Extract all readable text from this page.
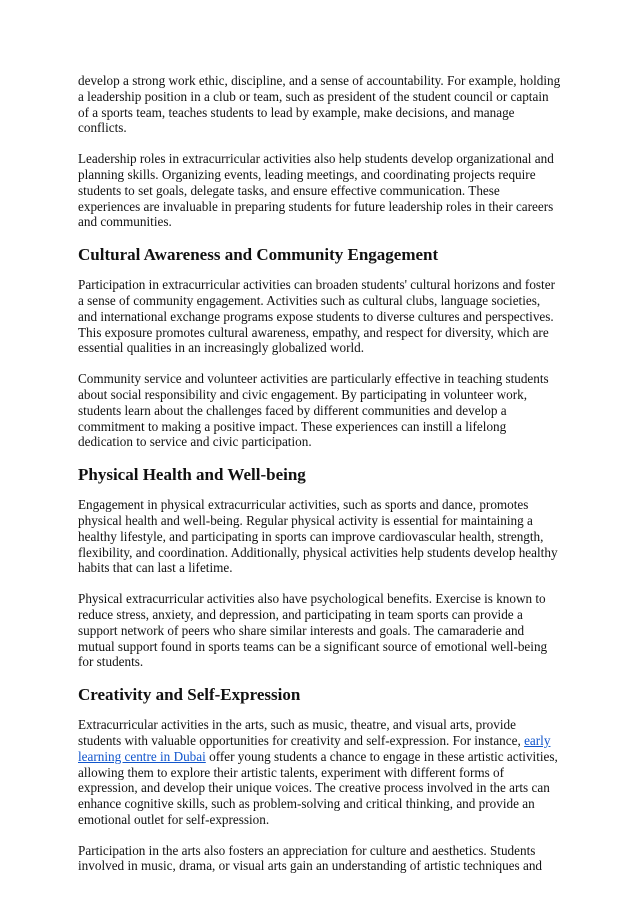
develop a strong work ethic, discipline, and a sense of accountability. For example, holding a leadership position in a club or team, such as president of the student council or captain of a sports team, teaches students to lead by example, make decisions, and manage conflicts.

Leadership roles in extracurricular activities also help students develop organizational and planning skills. Organizing events, leading meetings, and coordinating projects require students to set goals, delegate tasks, and ensure effective communication. These experiences are invaluable in preparing students for future leadership roles in their careers and communities.

Cultural Awareness and Community Engagement

Participation in extracurricular activities can broaden students' cultural horizons and foster a sense of community engagement. Activities such as cultural clubs, language societies, and international exchange programs expose students to diverse cultures and perspectives. This exposure promotes cultural awareness, empathy, and respect for diversity, which are essential qualities in an increasingly globalized world.

Community service and volunteer activities are particularly effective in teaching students about social responsibility and civic engagement. By participating in volunteer work, students learn about the challenges faced by different communities and develop a commitment to making a positive impact. These experiences can instill a lifelong dedication to service and civic participation.

Physical Health and Well-being

Engagement in physical extracurricular activities, such as sports and dance, promotes physical health and well-being. Regular physical activity is essential for maintaining a healthy lifestyle, and participating in sports can improve cardiovascular health, strength, flexibility, and coordination. Additionally, physical activities help students develop healthy habits that can last a lifetime.

Physical extracurricular activities also have psychological benefits. Exercise is known to reduce stress, anxiety, and depression, and participating in team sports can provide a support network of peers who share similar interests and goals. The camaraderie and mutual support found in sports teams can be a significant source of emotional well-being for students.

Creativity and Self-Expression

Extracurricular activities in the arts, such as music, theatre, and visual arts, provide students with valuable opportunities for creativity and self-expression. For instance, early learning centre in Dubai offer young students a chance to engage in these artistic activities, allowing them to explore their artistic talents, experiment with different forms of expression, and develop their unique voices. The creative process involved in the arts can enhance cognitive skills, such as problem-solving and critical thinking, and provide an emotional outlet for self-expression.

Participation in the arts also fosters an appreciation for culture and aesthetics. Students involved in music, drama, or visual arts gain an understanding of artistic techniques and
